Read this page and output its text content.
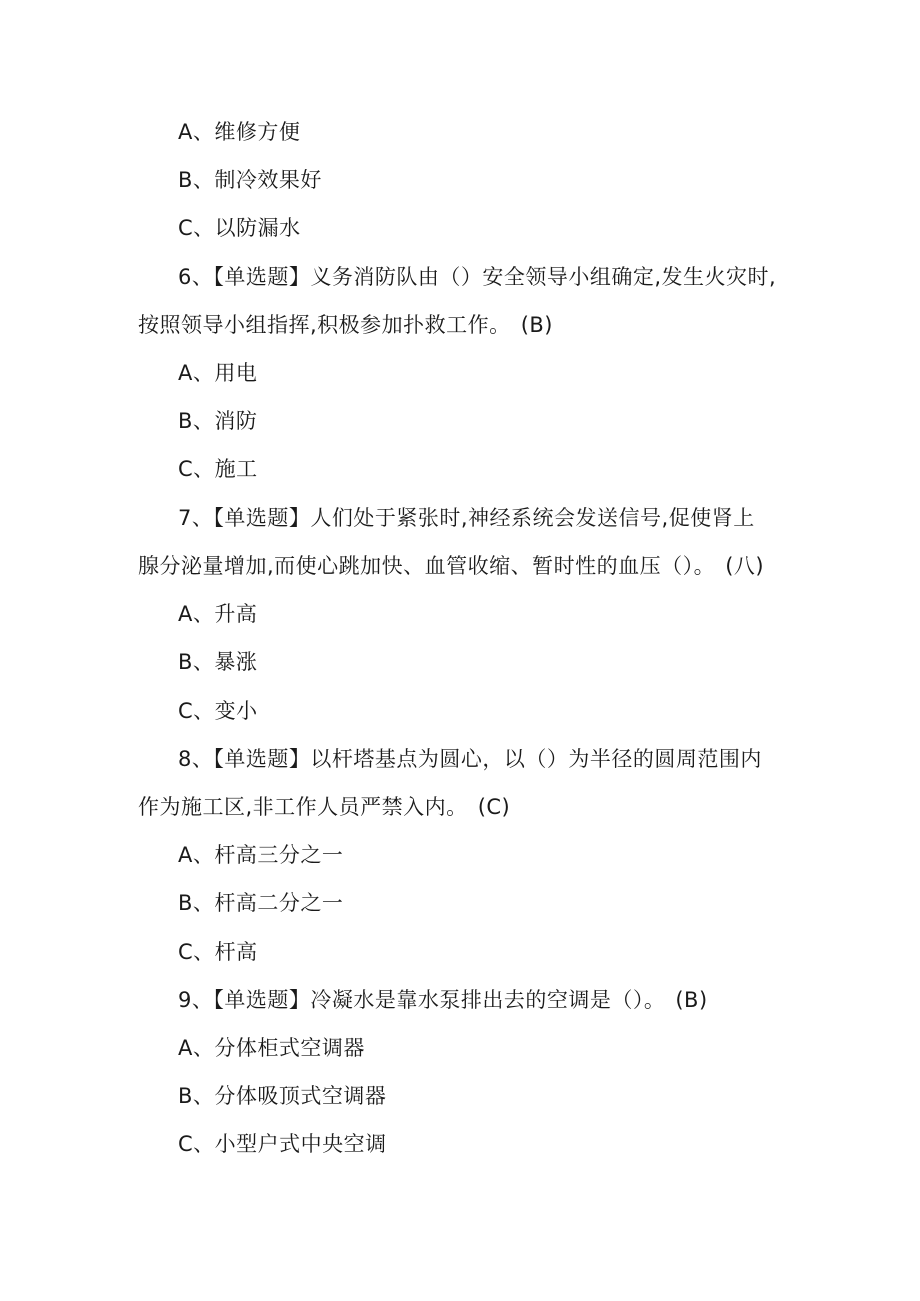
A、维修方便
B、制冷效果好
C、以防漏水
6、【单选题】义务消防队由（）安全领导小组确定,发生火灾时,
按照领导小组指挥,积极参加扑救工作。 (B)
A、用电
B、消防
C、施工
7、【单选题】人们处于紧张时,神经系统会发送信号,促使肾上
腺分泌量增加,而使心跳加快、血管收缩、暂时性的血压（）。 (八)
A、升高
B、暴涨
C、变小
8、【单选题】以杆塔基点为圆心，以（）为半径的圆周范围内
作为施工区,非工作人员严禁入内。 (C)
A、杆高三分之一
B、杆高二分之一
C、杆高
9、【单选题】冷凝水是靠水泵排出去的空调是（）。 (B)
A、分体柜式空调器
B、分体吸顶式空调器
C、小型户式中央空调
